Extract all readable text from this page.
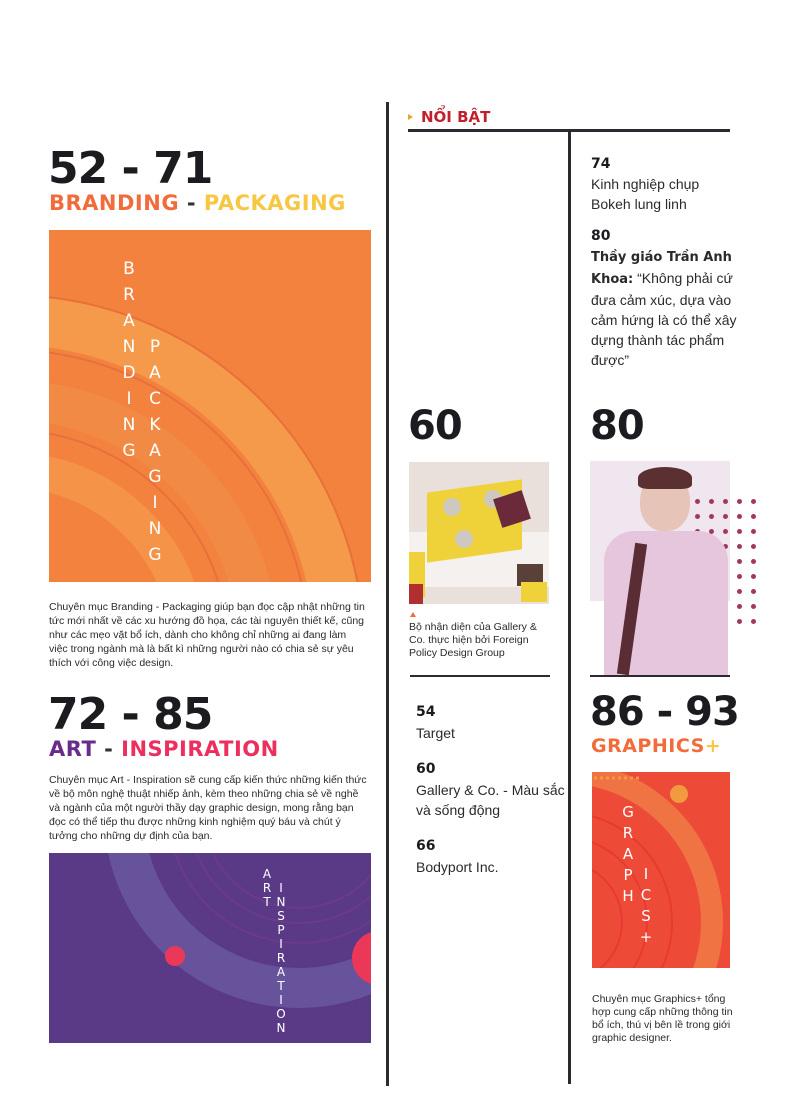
NỔI BẬT
52 - 71
BRANDING - PACKAGING
B
R
A
N
D
I
N
G
P
A
C
K
A
G
I
N
G
Chuyên mục Branding - Packaging giúp bạn đọc cập nhật những tin tức mới nhất về các xu hướng đồ họa, các tài nguyên thiết kế, cũng như các mẹo vặt bổ ích, dành cho không chỉ những ai đang làm việc trong ngành mà là bất kì những người nào có chia sẻ sự yêu thích với công việc design.
72 - 85
ART - INSPIRATION
Chuyên mục Art - Inspiration sẽ cung cấp kiến thức những kiến thức về bộ môn nghệ thuật nhiếp ảnh, kèm theo những chia sẻ về nghề và ngành của một người thầy dạy graphic design, mong rằng bạn đọc có thể tiếp thu được những kinh nghiệm quý báu và chút ý tưởng cho những dự định của bạn.
A
R
T
I
N
S
P
I
R
A
T
I
O
N
60
Bộ nhận diện của Gallery & Co. thực hiện bởi Foreign Policy Design Group
54
Target
60
Gallery & Co. - Màu sắc và sống động
66
Bodyport Inc.
74
Kinh nghiệp chụp Bokeh lung linh
80
Thầy giáo Trần Anh Khoa: “Không phải cứ đưa cảm xúc, dựa vào cảm hứng là có thể xây dựng thành tác phẩm được”
80
86 - 93
GRAPHICS+
G
R
A
P
H
I
C
S
+
Chuyên mục Graphics+ tổng hợp cung cấp những thông tin bổ ích, thú vị bên lề trong giới graphic designer.
